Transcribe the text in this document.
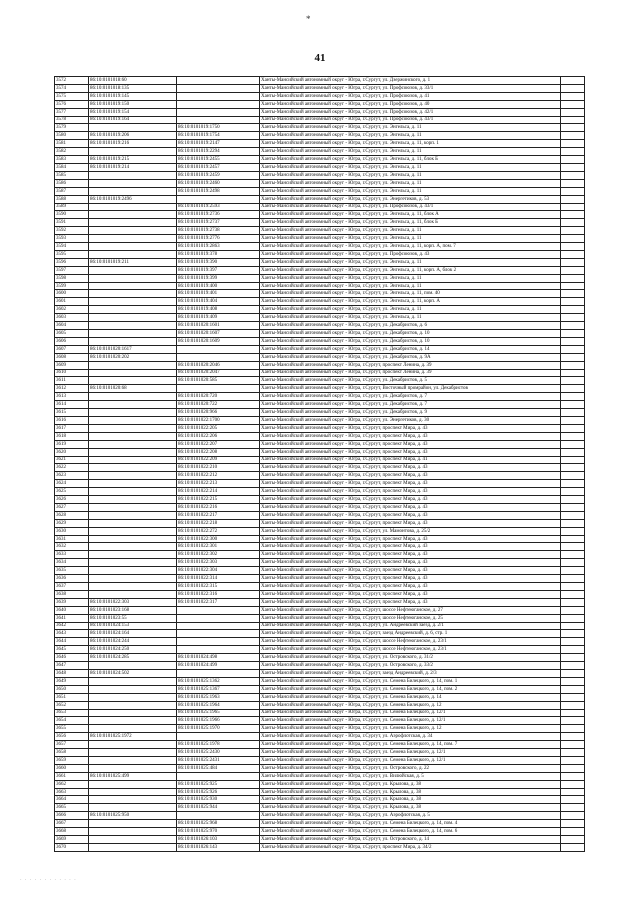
*
41
3572	86:10:0101018:60		Ханты-Мансийский автономный округ - Югра, г.Сургут, ул. Дзержинского, д. 1	
3574	86:10:0101018:135		Ханты-Мансийский автономный округ - Югра, г.Сургут, ул. Профсоюзов, д. 33/1	
3575	86:10:0101019:145		Ханты-Мансийский автономный округ - Югра, г.Сургут, ул. Профсоюзов, д. 41	
3576	86:10:0101019:150		Ханты-Мансийский автономный округ - Югра, г.Сургут, ул. Профсоюзов, д. 40	
3577	86:10:0101019:154		Ханты-Мансийский автономный округ - Югра, г.Сургут, ул. Профсоюзов, д. 42/1	
3578	86:10:0101019:164		Ханты-Мансийский автономный округ - Югра, г.Сургут, ул. Профсоюзов, д. 43/1	
3579		86:10:0101019:1750	Ханты-Мансийский автономный округ - Югра, г.Сургут, ул. Энгельса, д. 11	
3580	86:10:0101019:206	86:10:0101019:1754	Ханты-Мансийский автономный округ - Югра, г.Сургут, ул. Энгельса, д. 11	
3581	86:10:0101019:216	86:10:0101019:2147	Ханты-Мансийский автономный округ - Югра, г.Сургут, ул. Энгельса, д. 11, корп. 1	
3582		86:10:0101019:2294	Ханты-Мансийский автономный округ - Югра, г.Сургут, ул. Энгельса, д. 11	
3583	86:10:0101019:215	86:10:0101019:2455	Ханты-Мансийский автономный округ - Югра, г.Сургут, ул. Энгельса, д. 11, блок Б	
3584	86:10:0101019:214	86:10:0101019:2457	Ханты-Мансийский автономный округ - Югра, г.Сургут, ул. Энгельса, д. 11	
3585		86:10:0101019:2459	Ханты-Мансийский автономный округ - Югра, г.Сургут, ул. Энгельса, д. 11	
3586		86:10:0101019:2460	Ханты-Мансийский автономный округ - Югра, г.Сургут, ул. Энгельса, д. 11	
3587		86:10:0101019:2498	Ханты-Мансийский автономный округ - Югра, г.Сургут, ул. Энгельса, д. 11	
3588	86:10:0101019:2496		Ханты-Мансийский автономный округ - Югра, г.Сургут, ул. Энергетиков, д. 53	
3589		86:10:0101019:2593	Ханты-Мансийский автономный округ - Югра, г.Сургут, ул. Профсоюзов, д. 43/1	
3590		86:10:0101019:2736	Ханты-Мансийский автономный округ - Югра, г.Сургут, ул. Энгельса, д. 11, блок А	
3591		86:10:0101019:2737	Ханты-Мансийский автономный округ - Югра, г.Сургут, ул. Энгельса, д. 11, блок Б	
3592		86:10:0101019:2738	Ханты-Мансийский автономный округ - Югра, г.Сургут, ул. Энгельса, д. 11	
3593		86:10:0101019:2776	Ханты-Мансийский автономный округ - Югра, г.Сургут, ул. Энгельса, д. 11	
3594		86:10:0101019:2863	Ханты-Мансийский автономный округ - Югра, г.Сургут, ул. Энгельса, д. 11, корп. А, пом. 7	
3595		86:10:0101019:378	Ханты-Мансийский автономный округ - Югра, г.Сургут, ул. Профсоюзов, д. 43	
3596	86:10:0101019:211	86:10:0101019:390	Ханты-Мансийский автономный округ - Югра, г.Сургут, ул. Энгельса, д. 11	
3597		86:10:0101019:397	Ханты-Мансийский автономный округ - Югра, г.Сургут, ул. Энгельса, д. 11, корп. А, блок 2	
3598		86:10:0101019:399	Ханты-Мансийский автономный округ - Югра, г.Сургут, ул. Энгельса, д. 11	
3599		86:10:0101019:400	Ханты-Мансийский автономный округ - Югра, г.Сургут, ул. Энгельса, д. 11	
3600		86:10:0101019:401	Ханты-Мансийский автономный округ - Югра, г.Сургут, ул. Энгельса, д. 11, пом. 40	
3601		86:10:0101019:404	Ханты-Мансийский автономный округ - Югра, г.Сургут, ул. Энгельса, д. 11, корп. А	
3602		86:10:0101019:408	Ханты-Мансийский автономный округ - Югра, г.Сургут, ул. Энгельса, д. 11	
3603		86:10:0101019:409	Ханты-Мансийский автономный округ - Югра, г.Сургут, ул. Энгельса, д. 11	
3604		86:10:0101020:1601	Ханты-Мансийский автономный округ - Югра, г.Сургут, ул. Декабристов, д. 6	
3605		86:10:0101020:1607	Ханты-Мансийский автономный округ - Югра, г.Сургут, ул. Декабристов, д. 10	
3606		86:10:0101020:1609	Ханты-Мансийский автономный округ - Югра, г.Сургут, ул. Декабристов, д. 10	
3607	86:10:0101020:1617		Ханты-Мансийский автономный округ - Югра, г.Сургут, ул. Декабристов, д. 14	
3608	86:10:0101020:202		Ханты-Мансийский автономный округ - Югра, г.Сургут, ул. Декабристов, д. 9А	
3609		86:10:0101020:2046	Ханты-Мансийский автономный округ - Югра, г.Сургут, проспект Ленина, д. 39	
3610		86:10:0101020:2047	Ханты-Мансийский автономный округ - Югра, г.Сургут, проспект Ленина, д. 39	
3611		86:10:0101020:585	Ханты-Мансийский автономный округ - Югра, г.Сургут, ул. Декабристов, д. 5	
3612	86:10:0101020:68		Ханты-Мансийский автономный округ - Югра, г.Сургут, Восточный промрайон, ул. Декабристов	
3613		86:10:0101020:720	Ханты-Мансийский автономный округ - Югра, г.Сургут, ул. Декабристов, д. 7	
3614		86:10:0101020:722	Ханты-Мансийский автономный округ - Югра, г.Сургут, ул. Декабристов, д. 7	
3615		86:10:0101020:966	Ханты-Мансийский автономный округ - Югра, г.Сургут, ул. Декабристов, д. 9	
3616		86:10:0101022:1700	Ханты-Мансийский автономный округ - Югра, г.Сургут, ул. Энергетиков, д. 30	
3617		86:10:0101022:205	Ханты-Мансийский автономный округ - Югра, г.Сургут, проспект Мира, д. 43	
3618		86:10:0101022:206	Ханты-Мансийский автономный округ - Югра, г.Сургут, проспект Мира, д. 43	
3619		86:10:0101022:207	Ханты-Мансийский автономный округ - Югра, г.Сургут, проспект Мира, д. 43	
3620		86:10:0101022:208	Ханты-Мансийский автономный округ - Югра, г.Сургут, проспект Мира, д. 43	
3621		86:10:0101022:209	Ханты-Мансийский автономный округ - Югра, г.Сургут, проспект Мира, д. 41	
3622		86:10:0101022:210	Ханты-Мансийский автономный округ - Югра, г.Сургут, проспект Мира, д. 43	
3623		86:10:0101022:212	Ханты-Мансийский автономный округ - Югра, г.Сургут, проспект Мира, д. 43	
3624		86:10:0101022:213	Ханты-Мансийский автономный округ - Югра, г.Сургут, проспект Мира, д. 43	
3625		86:10:0101022:214	Ханты-Мансийский автономный округ - Югра, г.Сургут, проспект Мира, д. 43	
3626		86:10:0101022:215	Ханты-Мансийский автономный округ - Югра, г.Сургут, проспект Мира, д. 43	
3627		86:10:0101022:216	Ханты-Мансийский автономный округ - Югра, г.Сургут, проспект Мира, д. 43	
3628		86:10:0101022:217	Ханты-Мансийский автономный округ - Югра, г.Сургут, проспект Мира, д. 43	
3629		86:10:0101022:218	Ханты-Мансийский автономный округ - Югра, г.Сургут, проспект Мира, д. 43	
3630		86:10:0101022:272	Ханты-Мансийский автономный округ - Югра, г.Сургут, ул. Мамонтова, д. 25/2	
3631		86:10:0101022:300	Ханты-Мансийский автономный округ - Югра, г.Сургут, проспект Мира, д. 43	
3632		86:10:0101022:301	Ханты-Мансийский автономный округ - Югра, г.Сургут, проспект Мира, д. 43	
3633		86:10:0101022:302	Ханты-Мансийский автономный округ - Югра, г.Сургут, проспект Мира, д. 43	
3634		86:10:0101022:303	Ханты-Мансийский автономный округ - Югра, г.Сургут, проспект Мира, д. 43	
3635		86:10:0101022:304	Ханты-Мансийский автономный округ - Югра, г.Сургут, проспект Мира, д. 43	
3636		86:10:0101022:314	Ханты-Мансийский автономный округ - Югра, г.Сургут, проспект Мира, д. 43	
3637		86:10:0101022:315	Ханты-Мансийский автономный округ - Югра, г.Сургут, проспект Мира, д. 43	
3638		86:10:0101022:316	Ханты-Мансийский автономный округ - Югра, г.Сургут, проспект Мира, д. 43	
3639	86:10:0101022:303	86:10:0101022:317	Ханты-Мансийский автономный округ - Югра, г.Сургут, проспект Мира, д. 43	
3640	86:10:0101023:168		Ханты-Мансийский автономный округ - Югра, г.Сургут, шоссе Нефтеюганское, д. 27	
3641	86:10:0101023:55		Ханты-Мансийский автономный округ - Югра, г.Сургут, шоссе Нефтеюганское, д. 25	
3642	86:10:0101024:153		Ханты-Мансийский автономный округ - Югра, г.Сургут, ул. Андреевский заезд, д. 2/1	
3643	86:10:0101024:164		Ханты-Мансийский автономный округ - Югра, г.Сургут, заезд Андреевский, д. 6, стр. 1	
3644	86:10:0101024:244		Ханты-Мансийский автономный округ - Югра, г.Сургут, шоссе Нефтеюганское, д. 23/1	
3645	86:10:0101024:250		Ханты-Мансийский автономный округ - Югра, г.Сургут, шоссе Нефтеюганское, д. 23/1	
3646	86:10:0101024:285	86:10:0101024:498	Ханты-Мансийский автономный округ - Югра, г.Сургут, ул. Островского, д. 31/2	
3647		86:10:0101024:499	Ханты-Мансийский автономный округ - Югра, г.Сургут, ул. Островского, д. 33/2	
3648	86:10:0101024:502		Ханты-Мансийский автономный округ - Югра, г.Сургут, заезд Андреевский, д. 2/3	
3649		86:10:0101025:1362	Ханты-Мансийский автономный округ - Югра, г.Сургут, ул. Семена Билецкого, д. 14, пом. 1	
3650		86:10:0101025:1367	Ханты-Мансийский автономный округ - Югра, г.Сургут, ул. Семена Билецкого, д. 14, пом. 2	
3651		86:10:0101025:1963	Ханты-Мансийский автономный округ - Югра, г.Сургут, ул. Семена Билецкого, д. 14	
3652		86:10:0101025:1964	Ханты-Мансийский автономный округ - Югра, г.Сургут, ул. Семена Билецкого, д. 12	
3653		86:10:0101025:1965	Ханты-Мансийский автономный округ - Югра, г.Сургут, ул. Семена Билецкого, д. 12/1	
3654		86:10:0101025:1966	Ханты-Мансийский автономный округ - Югра, г.Сургут, ул. Семена Билецкого, д. 12/1	
3655		86:10:0101025:1970	Ханты-Мансийский автономный округ - Югра, г.Сургут, ул. Семена Билецкого, д. 12	
3656	86:10:0101025:1972		Ханты-Мансийский автономный округ - Югра, г.Сургут, ул. Аэрофлотская, д. 34	
3657		86:10:0101025:1978	Ханты-Мансийский автономный округ - Югра, г.Сургут, ул. Семена Билецкого, д. 14, пом. 7	
3658		86:10:0101025:2430	Ханты-Мансийский автономный округ - Югра, г.Сургут, ул. Семена Билецкого, д. 12/1	
3659		86:10:0101025:2431	Ханты-Мансийский автономный округ - Югра, г.Сургут, ул. Семена Билецкого, д. 12/1	
3660		86:10:0101025:484	Ханты-Мансийский автономный округ - Югра, г.Сургут, ул. Островского, д. 22	
3661	86:10:0101025:499		Ханты-Мансийский автономный округ - Югра, г.Сургут, ул. Вилюйская, д. 5	
3662		86:10:0101025:925	Ханты-Мансийский автономный округ - Югра, г.Сургут, ул. Крылова, д. 38	
3663		86:10:0101025:926	Ханты-Мансийский автономный округ - Югра, г.Сургут, ул. Крылова, д. 38	
3664		86:10:0101025:930	Ханты-Мансийский автономный округ - Югра, г.Сургут, ул. Крылова, д. 38	
3665		86:10:0101025:944	Ханты-Мансийский автономный округ - Югра, г.Сургут, ул. Крылова, д. 38	
3666	86:10:0101025:950		Ханты-Мансийский автономный округ - Югра, г.Сургут, ул. Аэрофлотская, д. 5	
3667		86:10:0101025:968	Ханты-Мансийский автономный округ - Югра, г.Сургут, ул. Семена Билецкого, д. 14, пом. 4	
3668		86:10:0101025:970	Ханты-Мансийский автономный округ - Югра, г.Сургут, ул. Семена Билецкого, д. 14, пом. 6	
3669		86:10:0101026:103	Ханты-Мансийский автономный округ - Югра, г.Сургут, ул. Островского, д. 14	
3670		86:10:0101026:143	Ханты-Мансийский автономный округ - Югра, г.Сургут, проспект Мира, д. 34/2	
· · · · · · · · · · · ·
